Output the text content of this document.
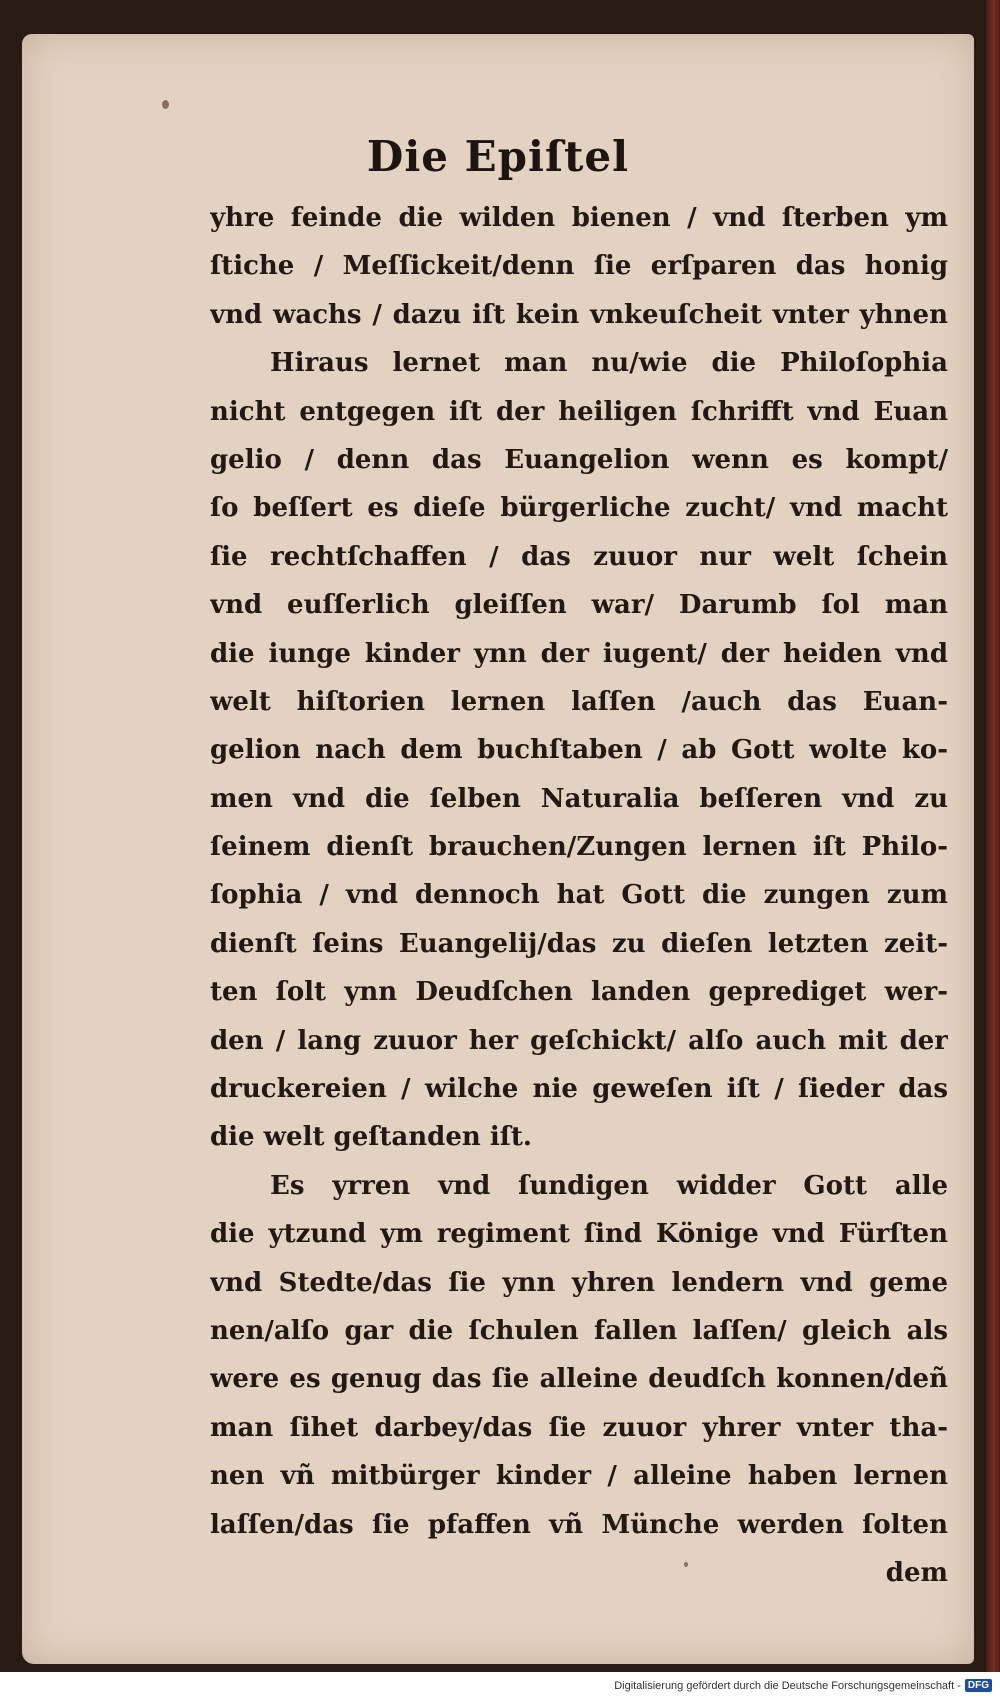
Die Epiſtel
yhre feinde die wilden bienen / vnd ſterben ym
ſtiche / Meſſickeit/denn ſie erſparen das honig
vnd wachs / dazu iſt kein vnkeuſcheit vnter yhnen
Hiraus lernet man nu/wie die Philoſophia
nicht entgegen iſt der heiligen ſchrifft vnd Euan
gelio / denn das Euangelion wenn es kompt/
ſo beſſert es dieſe bürgerliche zucht/ vnd macht
ſie rechtſchaffen / das zuuor nur welt ſchein
vnd euſſerlich gleiſſen war/ Darumb ſol man
die iunge kinder ynn der iugent/ der heiden vnd
welt hiſtorien lernen laſſen /auch das Euan-
gelion nach dem buchſtaben / ab Gott wolte ko-
men vnd die ſelben Naturalia beſſeren vnd zu
ſeinem dienſt brauchen/Zungen lernen iſt Philo-
ſophia / vnd dennoch hat Gott die zungen zum
dienſt ſeins Euangelij/das zu dieſen letzten zeit-
ten ſolt ynn Deudſchen landen geprediget wer-
den / lang zuuor her geſchickt/ alſo auch mit der
druckereien / wilche nie geweſen iſt / ſieder das
die welt geſtanden iſt.
Es yrren vnd ſundigen widder Gott alle
die ytzund ym regiment ſind Könige vnd Fürſten
vnd Stedte/das ſie ynn yhren lendern vnd geme
nen/alſo gar die ſchulen fallen laſſen/ gleich als
were es genug das ſie alleine deudſch konnen/deñ
man ſihet darbey/das ſie zuuor yhrer vnter tha-
nen vñ mitbürger kinder / alleine haben lernen
laſſen/das ſie pfaffen vñ Münche werden ſolten
dem
Digitalisierung gefördert durch die Deutsche Forschungsgemeinschaft - DFG
